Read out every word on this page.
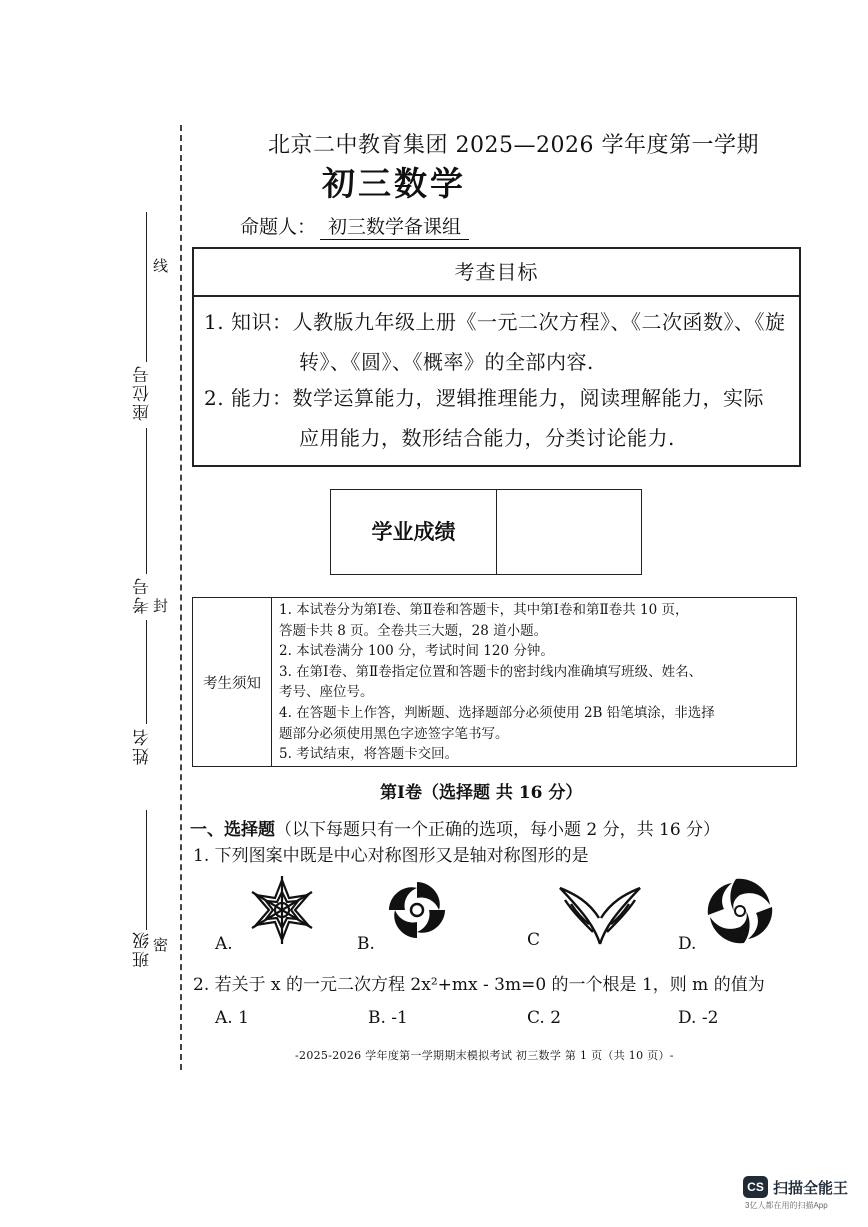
座位号
考号
姓名
班级
线
封
密
北京二中教育集团 2025—2026 学年度第一学期
初三数学
命题人： 初三数学备课组
考查目标
1. 知识：人教版九年级上册《一元二次方程》、《二次函数》、《旋
转》、《圆》、《概率》的全部内容.
2. 能力：数学运算能力，逻辑推理能力，阅读理解能力，实际
应用能力，数形结合能力，分类讨论能力.
学业成绩
考生须知
1. 本试卷分为第Ⅰ卷、第Ⅱ卷和答题卡，其中第Ⅰ卷和第Ⅱ卷共 10 页，
答题卡共 8 页。全卷共三大题，28 道小题。
2. 本试卷满分 100 分，考试时间 120 分钟。
3. 在第Ⅰ卷、第Ⅱ卷指定位置和答题卡的密封线内准确填写班级、姓名、
考号、座位号。
4. 在答题卡上作答，判断题、选择题部分必须使用 2B 铅笔填涂，非选择
题部分必须使用黑色字迹签字笔书写。
5. 考试结束，将答题卡交回。
第Ⅰ卷（选择题 共 16 分）
一、选择题（以下每题只有一个正确的选项，每小题 2 分，共 16 分）
1. 下列图案中既是中心对称图形又是轴对称图形的是
A.	B.	C	D.
2. 若关于 x 的一元二次方程 2x²+mx - 3m=0 的一个根是 1，则 m 的值为
A. 1	B. -1	C. 2	D. -2
-2025-2026 学年度第一学期期末模拟考试 初三数学 第 1 页（共 10 页）-
CS 扫描全能王
3亿人都在用的扫描App
